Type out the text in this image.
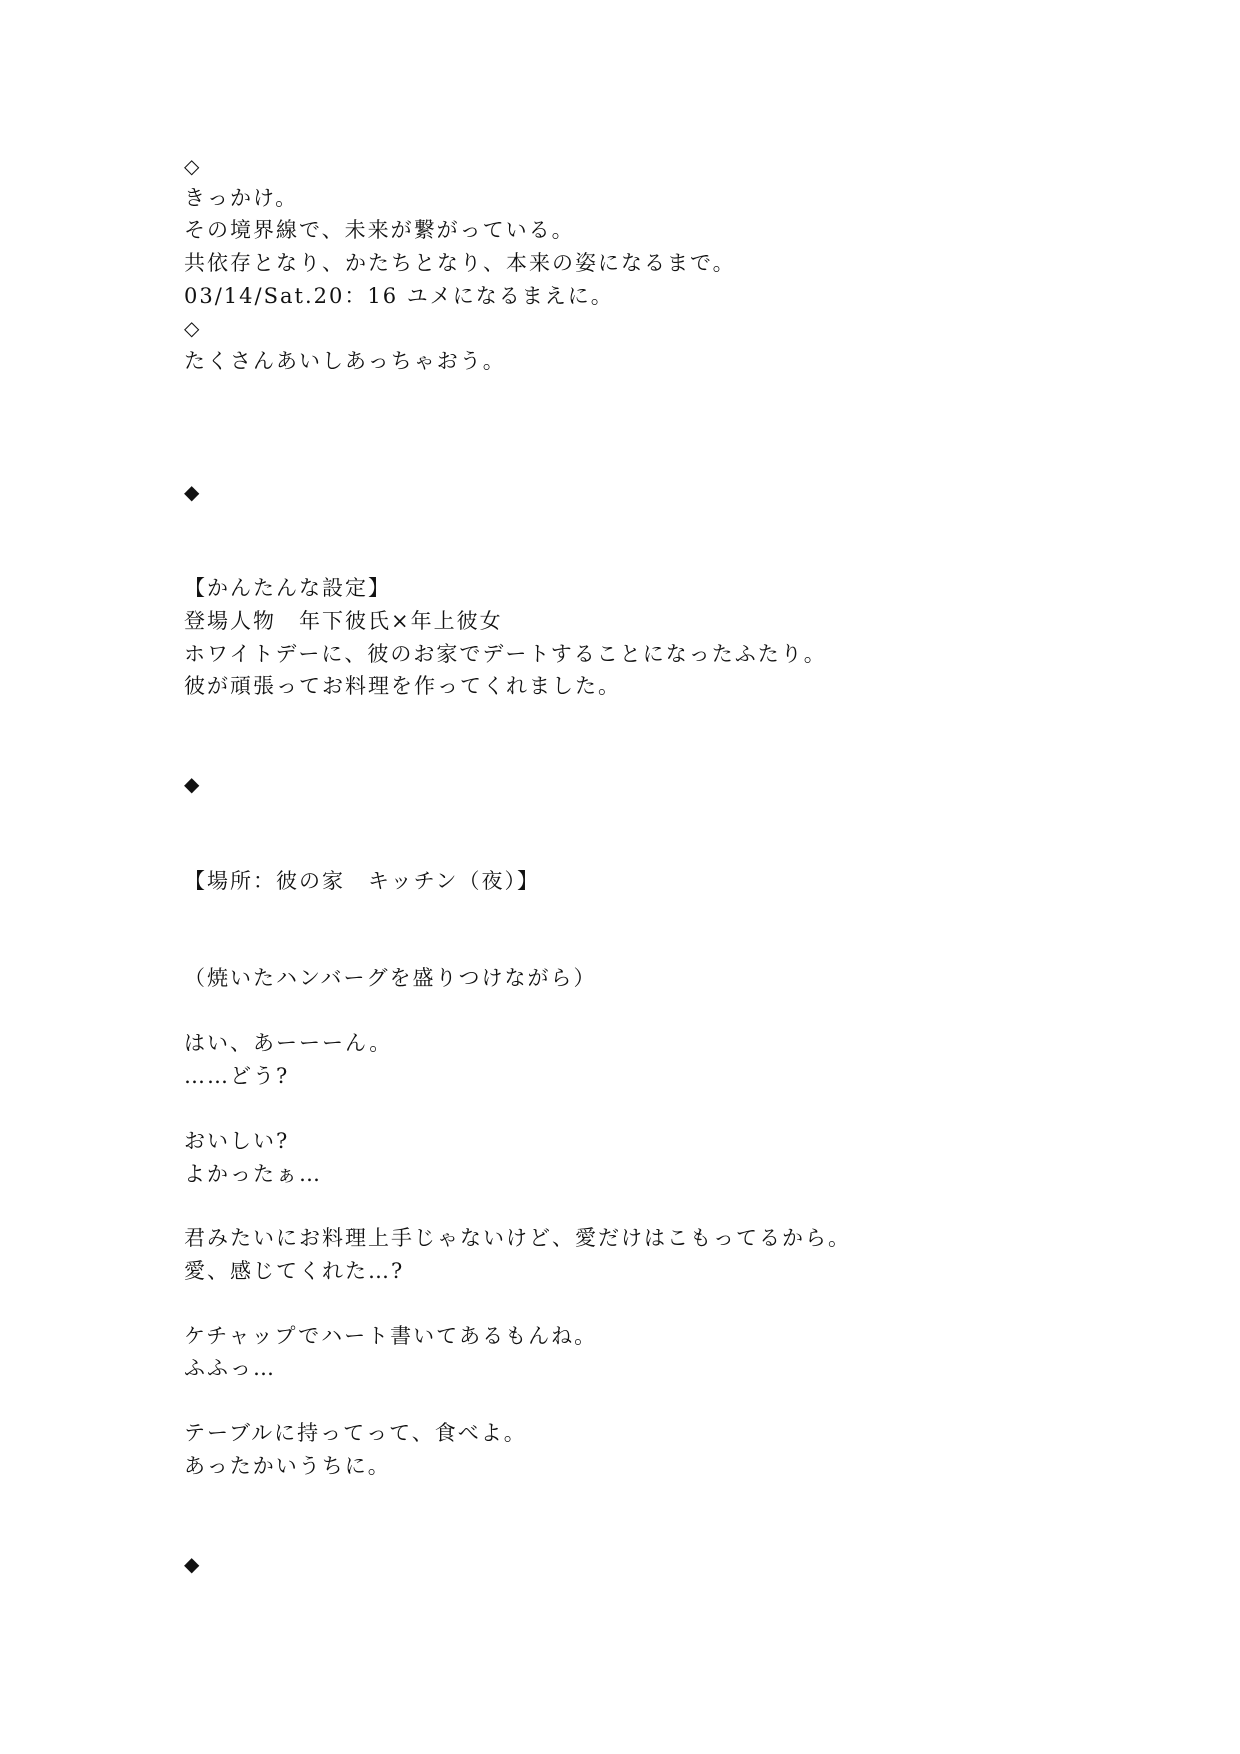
◇
きっかけ。
その境界線で、未来が繋がっている。
共依存となり、かたちとなり、本来の姿になるまで。
03/14/Sat.20：16 ユメになるまえに。
◇
たくさんあいしあっちゃおう。
◆
【かんたんな設定】
登場人物　年下彼氏×年上彼女
ホワイトデーに、彼のお家でデートすることになったふたり。
彼が頑張ってお料理を作ってくれました。
◆
【場所：彼の家　キッチン（夜）】
（焼いたハンバーグを盛りつけながら）
はい、あーーーん。
……どう?
おいしい?
よかったぁ…
君みたいにお料理上手じゃないけど、愛だけはこもってるから。
愛、感じてくれた…?
ケチャップでハート書いてあるもんね。
ふふっ…
テーブルに持ってって、食べよ。
あったかいうちに。
◆
